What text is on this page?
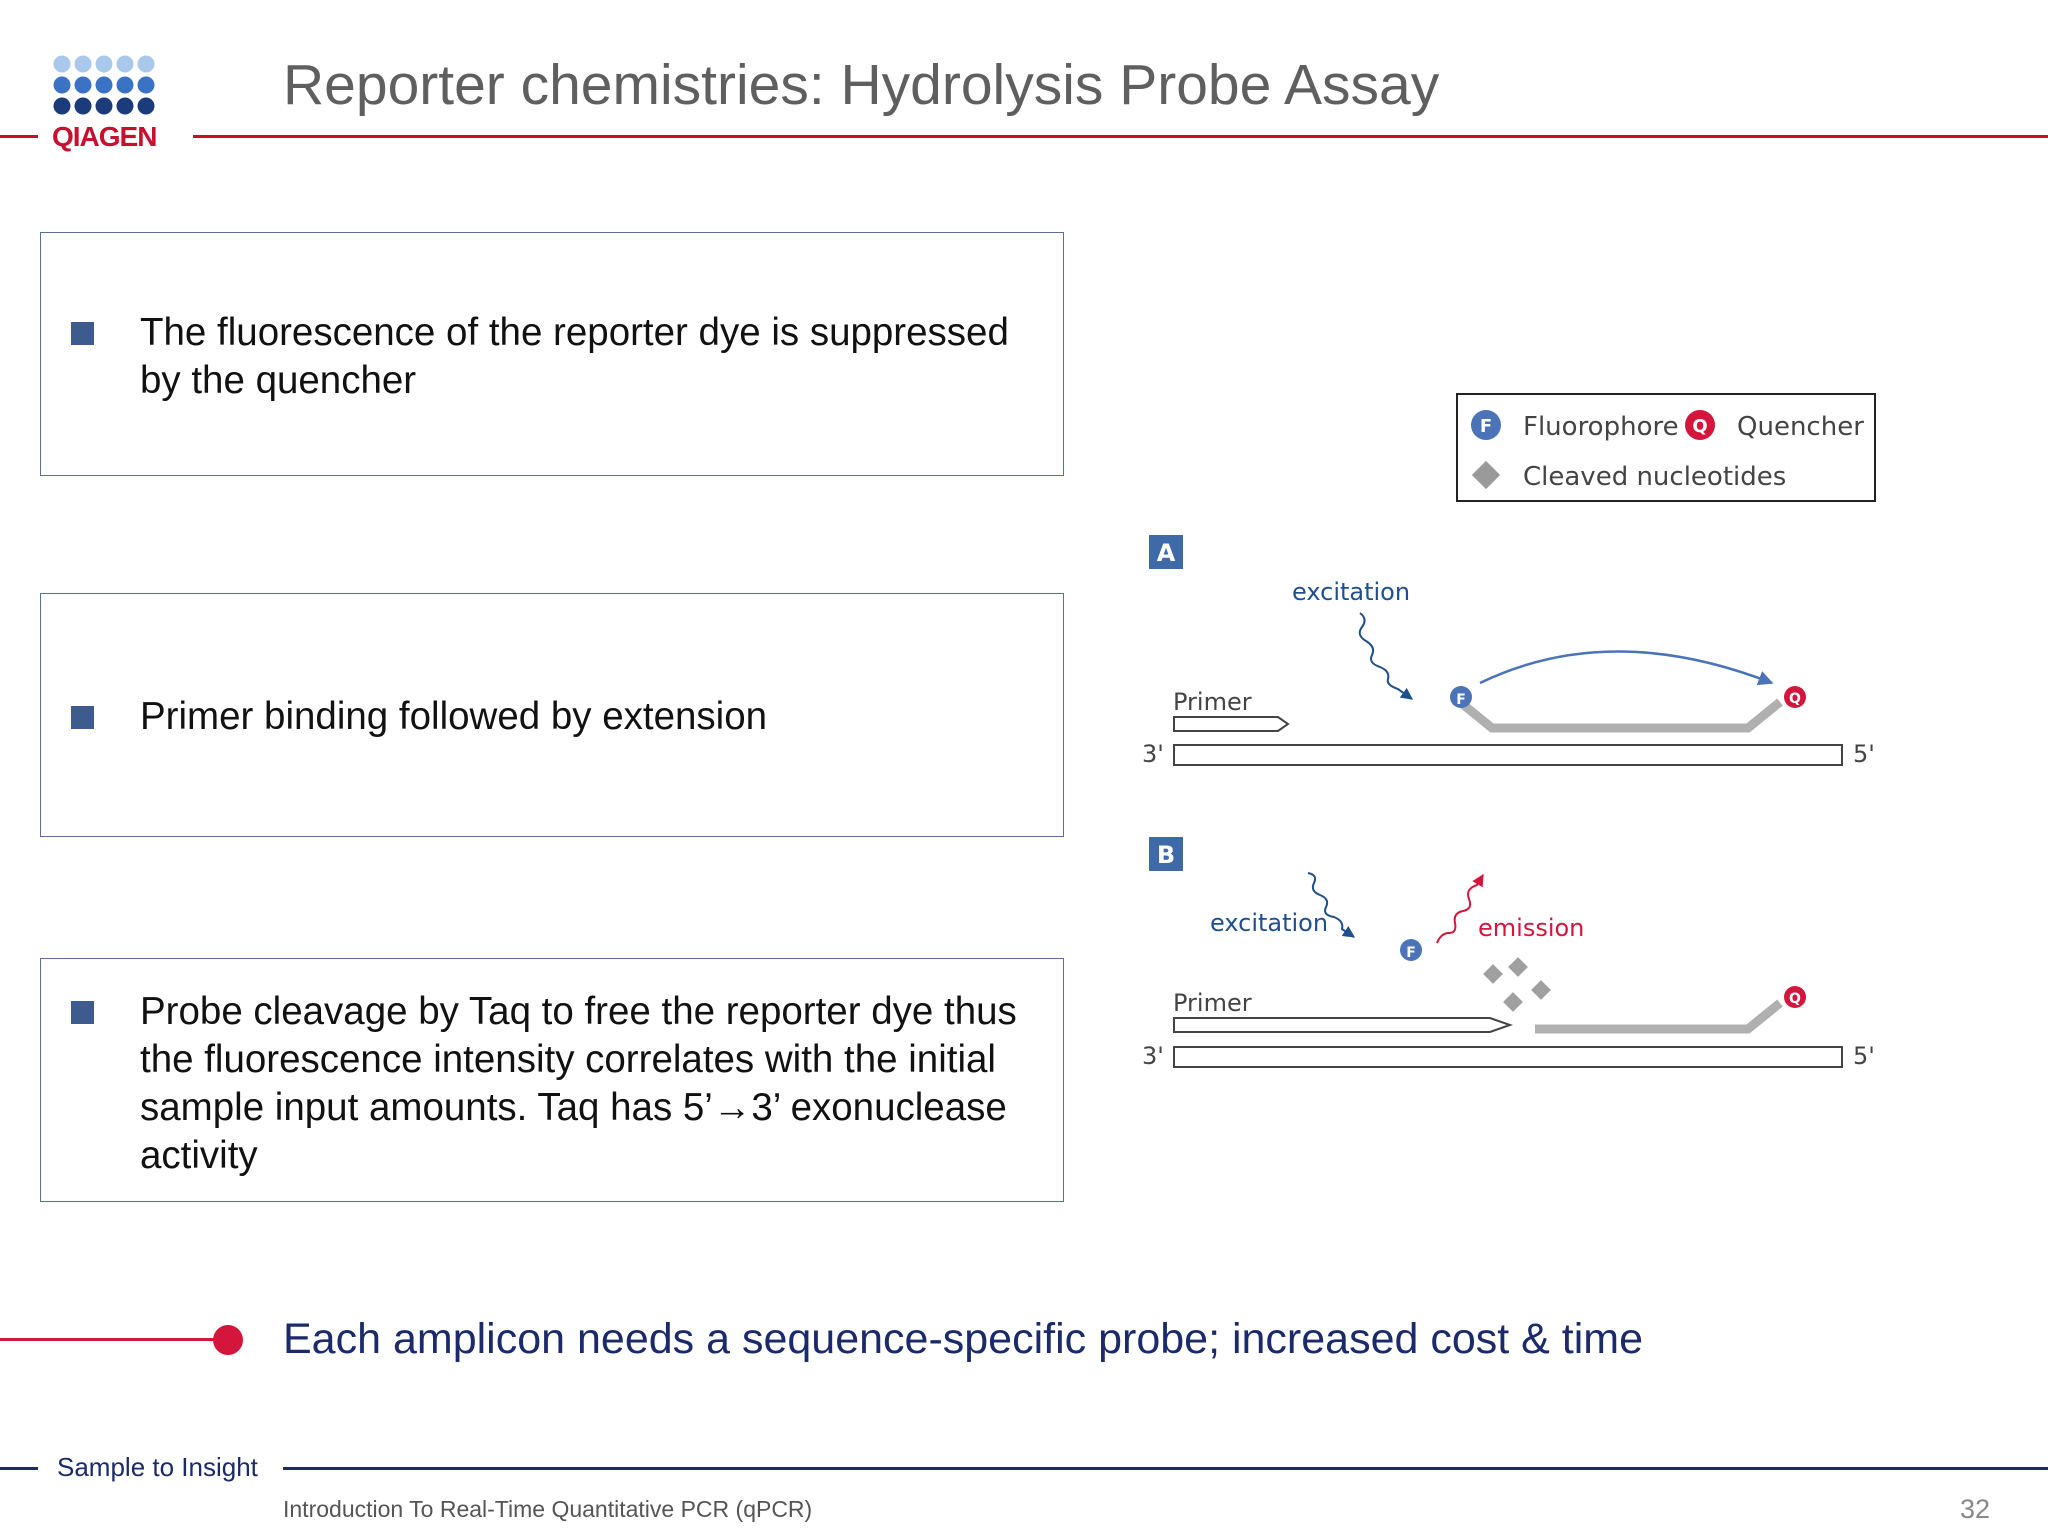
QIAGEN
Reporter chemistries: Hydrolysis Probe Assay
The fluorescence of the reporter dye is suppressed by the quencher
Primer binding followed by extension
Probe cleavage by Taq to free the reporter dye thus the fluorescence intensity correlates with the initial sample input amounts. Taq has 5’→3’ exonuclease activity
F Fluorophore Q Quencher
Cleaved nucleotides
A
excitation
Primer	F	Q
3'	5'
B
excitation
F
emission
Primer	Q
3'	5'
Each amplicon needs a sequence-specific probe; increased cost & time
Sample to Insight
Introduction To Real-Time Quantitative PCR (qPCR)	32
